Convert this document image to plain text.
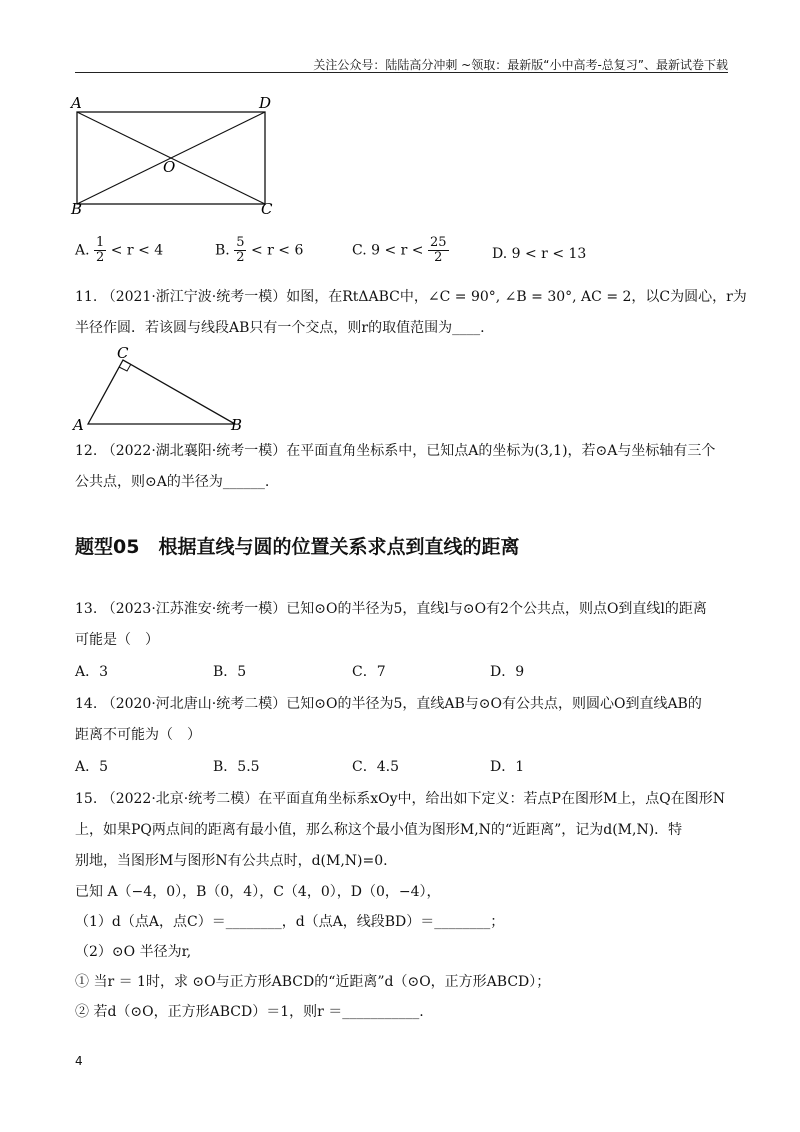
关注公众号：陆陆高分冲刺 ~领取：最新版“小中高考-总复习”、最新试卷下载
A	D
O
B	C
A. $\frac{1}{2} < r < 4$	B. $\frac{5}{2} < r < 6$	C. $9 < r < \frac{25}{2}$	D. 9 < r < 13
11. （2021·浙江宁波·统考一模）如图，在RtΔABC中，∠C = 90°, ∠B = 30°, AC = 2，以C为圆心，r为
半径作圆．若该圆与线段AB只有一个交点，则r的取值范围为____.
C
A	B
12. （2022·湖北襄阳·统考一模）在平面直角坐标系中，已知点A的坐标为(3,1)，若⊙A与坐标轴有三个
公共点，则⊙A的半径为______.
题型05　根据直线与圆的位置关系求点到直线的距离
13. （2023·江苏淮安·统考一模）已知⊙O的半径为5，直线l与⊙O有2个公共点，则点O到直线l的距离
可能是（　）
A．3	B．5	C．7	D．9
14. （2020·河北唐山·统考二模）已知⊙O的半径为5，直线AB与⊙O有公共点，则圆心O到直线AB的
距离不可能为（　）
A．5	B．5.5	C．4.5	D．1
15. （2022·北京·统考二模）在平面直角坐标系xOy中，给出如下定义：若点P在图形M上，点Q在图形N
上，如果PQ两点间的距离有最小值，那么称这个最小值为图形M,N的“近距离”，记为d(M,N)．特
别地，当图形M与图形N有公共点时，d(M,N)=0.
已知 A（−4，0），B（0，4），C（4，0），D（0，−4），
（1）d（点A，点C）＝________，d（点A，线段BD）＝________；
（2）⊙O 半径为r,
① 当r ＝ 1时，求 ⊙O与正方形ABCD的“近距离”d（⊙O，正方形ABCD）；
② 若d（⊙O，正方形ABCD）＝1，则r ＝___________.
4
